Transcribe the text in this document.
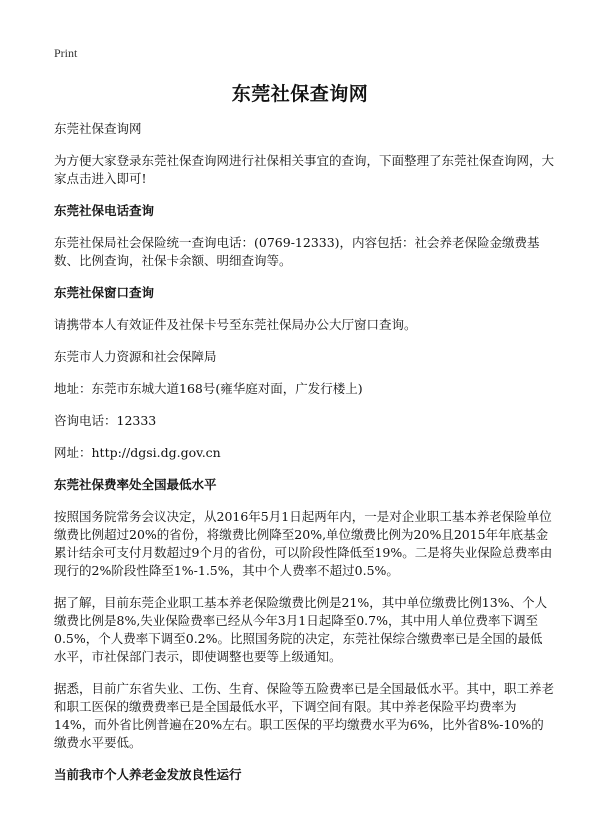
Print
东莞社保查询网

东莞社保查询网

为方便大家登录东莞社保查询网进行社保相关事宜的查询，下面整理了东莞社保查询网，大家点击进入即可!

东莞社保电话查询

东莞社保局社会保险统一查询电话：(0769-12333)，内容包括：社会养老保险金缴费基数、比例查询，社保卡余额、明细查询等。

东莞社保窗口查询

请携带本人有效证件及社保卡号至东莞社保局办公大厅窗口查询。

东莞市人力资源和社会保障局

地址：东莞市东城大道168号(雍华庭对面，广发行楼上)

咨询电话：12333

网址：http://dgsi.dg.gov.cn

东莞社保费率处全国最低水平

按照国务院常务会议决定，从2016年5月1日起两年内，一是对企业职工基本养老保险单位缴费比例超过20%的省份，将缴费比例降至20%,单位缴费比例为20%且2015年年底基金累计结余可支付月数超过9个月的省份，可以阶段性降低至19%。二是将失业保险总费率由现行的2%阶段性降至1%-1.5%，其中个人费率不超过0.5%。

据了解，目前东莞企业职工基本养老保险缴费比例是21%，其中单位缴费比例13%、个人缴费比例是8%,失业保险费率已经从今年3月1日起降至0.7%，其中用人单位费率下调至0.5%，个人费率下调至0.2%。比照国务院的决定，东莞社保综合缴费率已是全国的最低水平，市社保部门表示，即使调整也要等上级通知。

据悉，目前广东省失业、工伤、生育、保险等五险费率已是全国最低水平。其中，职工养老和职工医保的缴费费率已是全国最低水平，下调空间有限。其中养老保险平均费率为14%，而外省比例普遍在20%左右。职工医保的平均缴费水平为6%，比外省8%-10%的缴费水平要低。

当前我市个人养老金发放良性运行
